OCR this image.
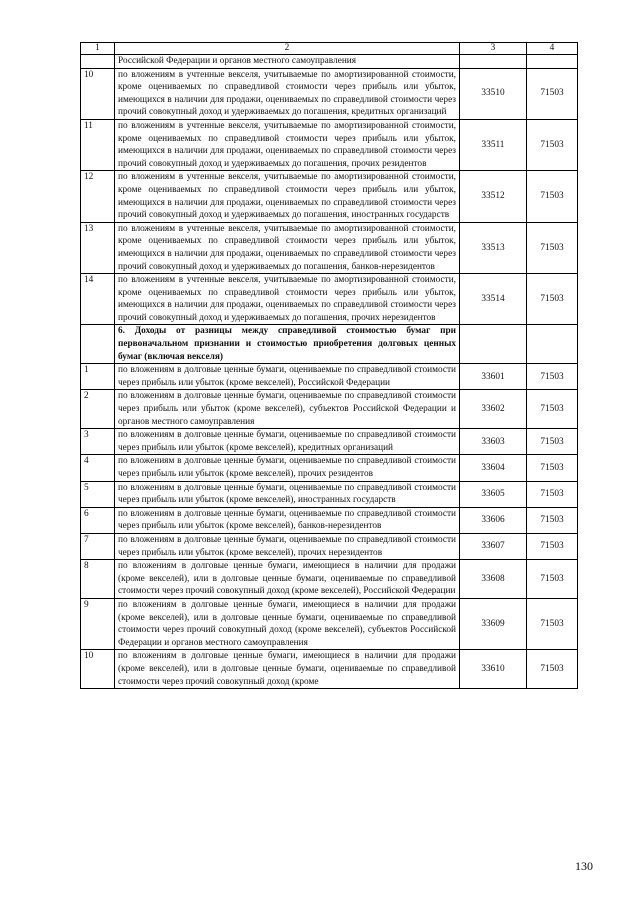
1	2	3	4
	Российской Федерации и органов местного самоуправления		
10	по вложениям в учтенные векселя, учитываемые по амортизированной стоимости, кроме оцениваемых по справедливой стоимости через прибыль или убыток, имеющихся в наличии для продажи, оцениваемых по справедливой стоимости через прочий совокупный доход и удерживаемых до погашения, кредитных организаций	33510	71503
11	по вложениям в учтенные векселя, учитываемые по амортизированной стоимости, кроме оцениваемых по справедливой стоимости через прибыль или убыток, имеющихся в наличии для продажи, оцениваемых по справедливой стоимости через прочий совокупный доход и удерживаемых до погашения, прочих резидентов	33511	71503
12	по вложениям в учтенные векселя, учитываемые по амортизированной стоимости, кроме оцениваемых по справедливой стоимости через прибыль или убыток, имеющихся в наличии для продажи, оцениваемых по справедливой стоимости через прочий совокупный доход и удерживаемых до погашения, иностранных государств	33512	71503
13	по вложениям в учтенные векселя, учитываемые по амортизированной стоимости, кроме оцениваемых по справедливой стоимости через прибыль или убыток, имеющихся в наличии для продажи, оцениваемых по справедливой стоимости через прочий совокупный доход и удерживаемых до погашения, банков-нерезидентов	33513	71503
14	по вложениям в учтенные векселя, учитываемые по амортизированной стоимости, кроме оцениваемых по справедливой стоимости через прибыль или убыток, имеющихся в наличии для продажи, оцениваемых по справедливой стоимости через прочий совокупный доход и удерживаемых до погашения, прочих нерезидентов	33514	71503
	6. Доходы от разницы между справедливой стоимостью бумаг при первоначальном признании и стоимостью приобретения долговых ценных бумаг (включая векселя)		
1	по вложениям в долговые ценные бумаги, оцениваемые по справедливой стоимости через прибыль или убыток (кроме векселей), Российской Федерации	33601	71503
2	по вложениям в долговые ценные бумаги, оцениваемые по справедливой стоимости через прибыль или убыток (кроме векселей), субъектов Российской Федерации и органов местного самоуправления	33602	71503
3	по вложениям в долговые ценные бумаги, оцениваемые по справедливой стоимости через прибыль или убыток (кроме векселей), кредитных организаций	33603	71503
4	по вложениям в долговые ценные бумаги, оцениваемые по справедливой стоимости через прибыль или убыток (кроме векселей), прочих резидентов	33604	71503
5	по вложениям в долговые ценные бумаги, оцениваемые по справедливой стоимости через прибыль или убыток (кроме векселей), иностранных государств	33605	71503
6	по вложениям в долговые ценные бумаги, оцениваемые по справедливой стоимости через прибыль или убыток (кроме векселей), банков-нерезидентов	33606	71503
7	по вложениям в долговые ценные бумаги, оцениваемые по справедливой стоимости через прибыль или убыток (кроме векселей), прочих нерезидентов	33607	71503
8	по вложениям в долговые ценные бумаги, имеющиеся в наличии для продажи (кроме векселей), или в долговые ценные бумаги, оцениваемые по справедливой стоимости через прочий совокупный доход (кроме векселей), Российской Федерации	33608	71503
9	по вложениям в долговые ценные бумаги, имеющиеся в наличии для продажи (кроме векселей), или в долговые ценные бумаги, оцениваемые по справедливой стоимости через прочий совокупный доход (кроме векселей), субъектов Российской Федерации и органов местного самоуправления	33609	71503
10	по вложениям в долговые ценные бумаги, имеющиеся в наличии для продажи (кроме векселей), или в долговые ценные бумаги, оцениваемые по справедливой стоимости через прочий совокупный доход (кроме	33610	71503
130
